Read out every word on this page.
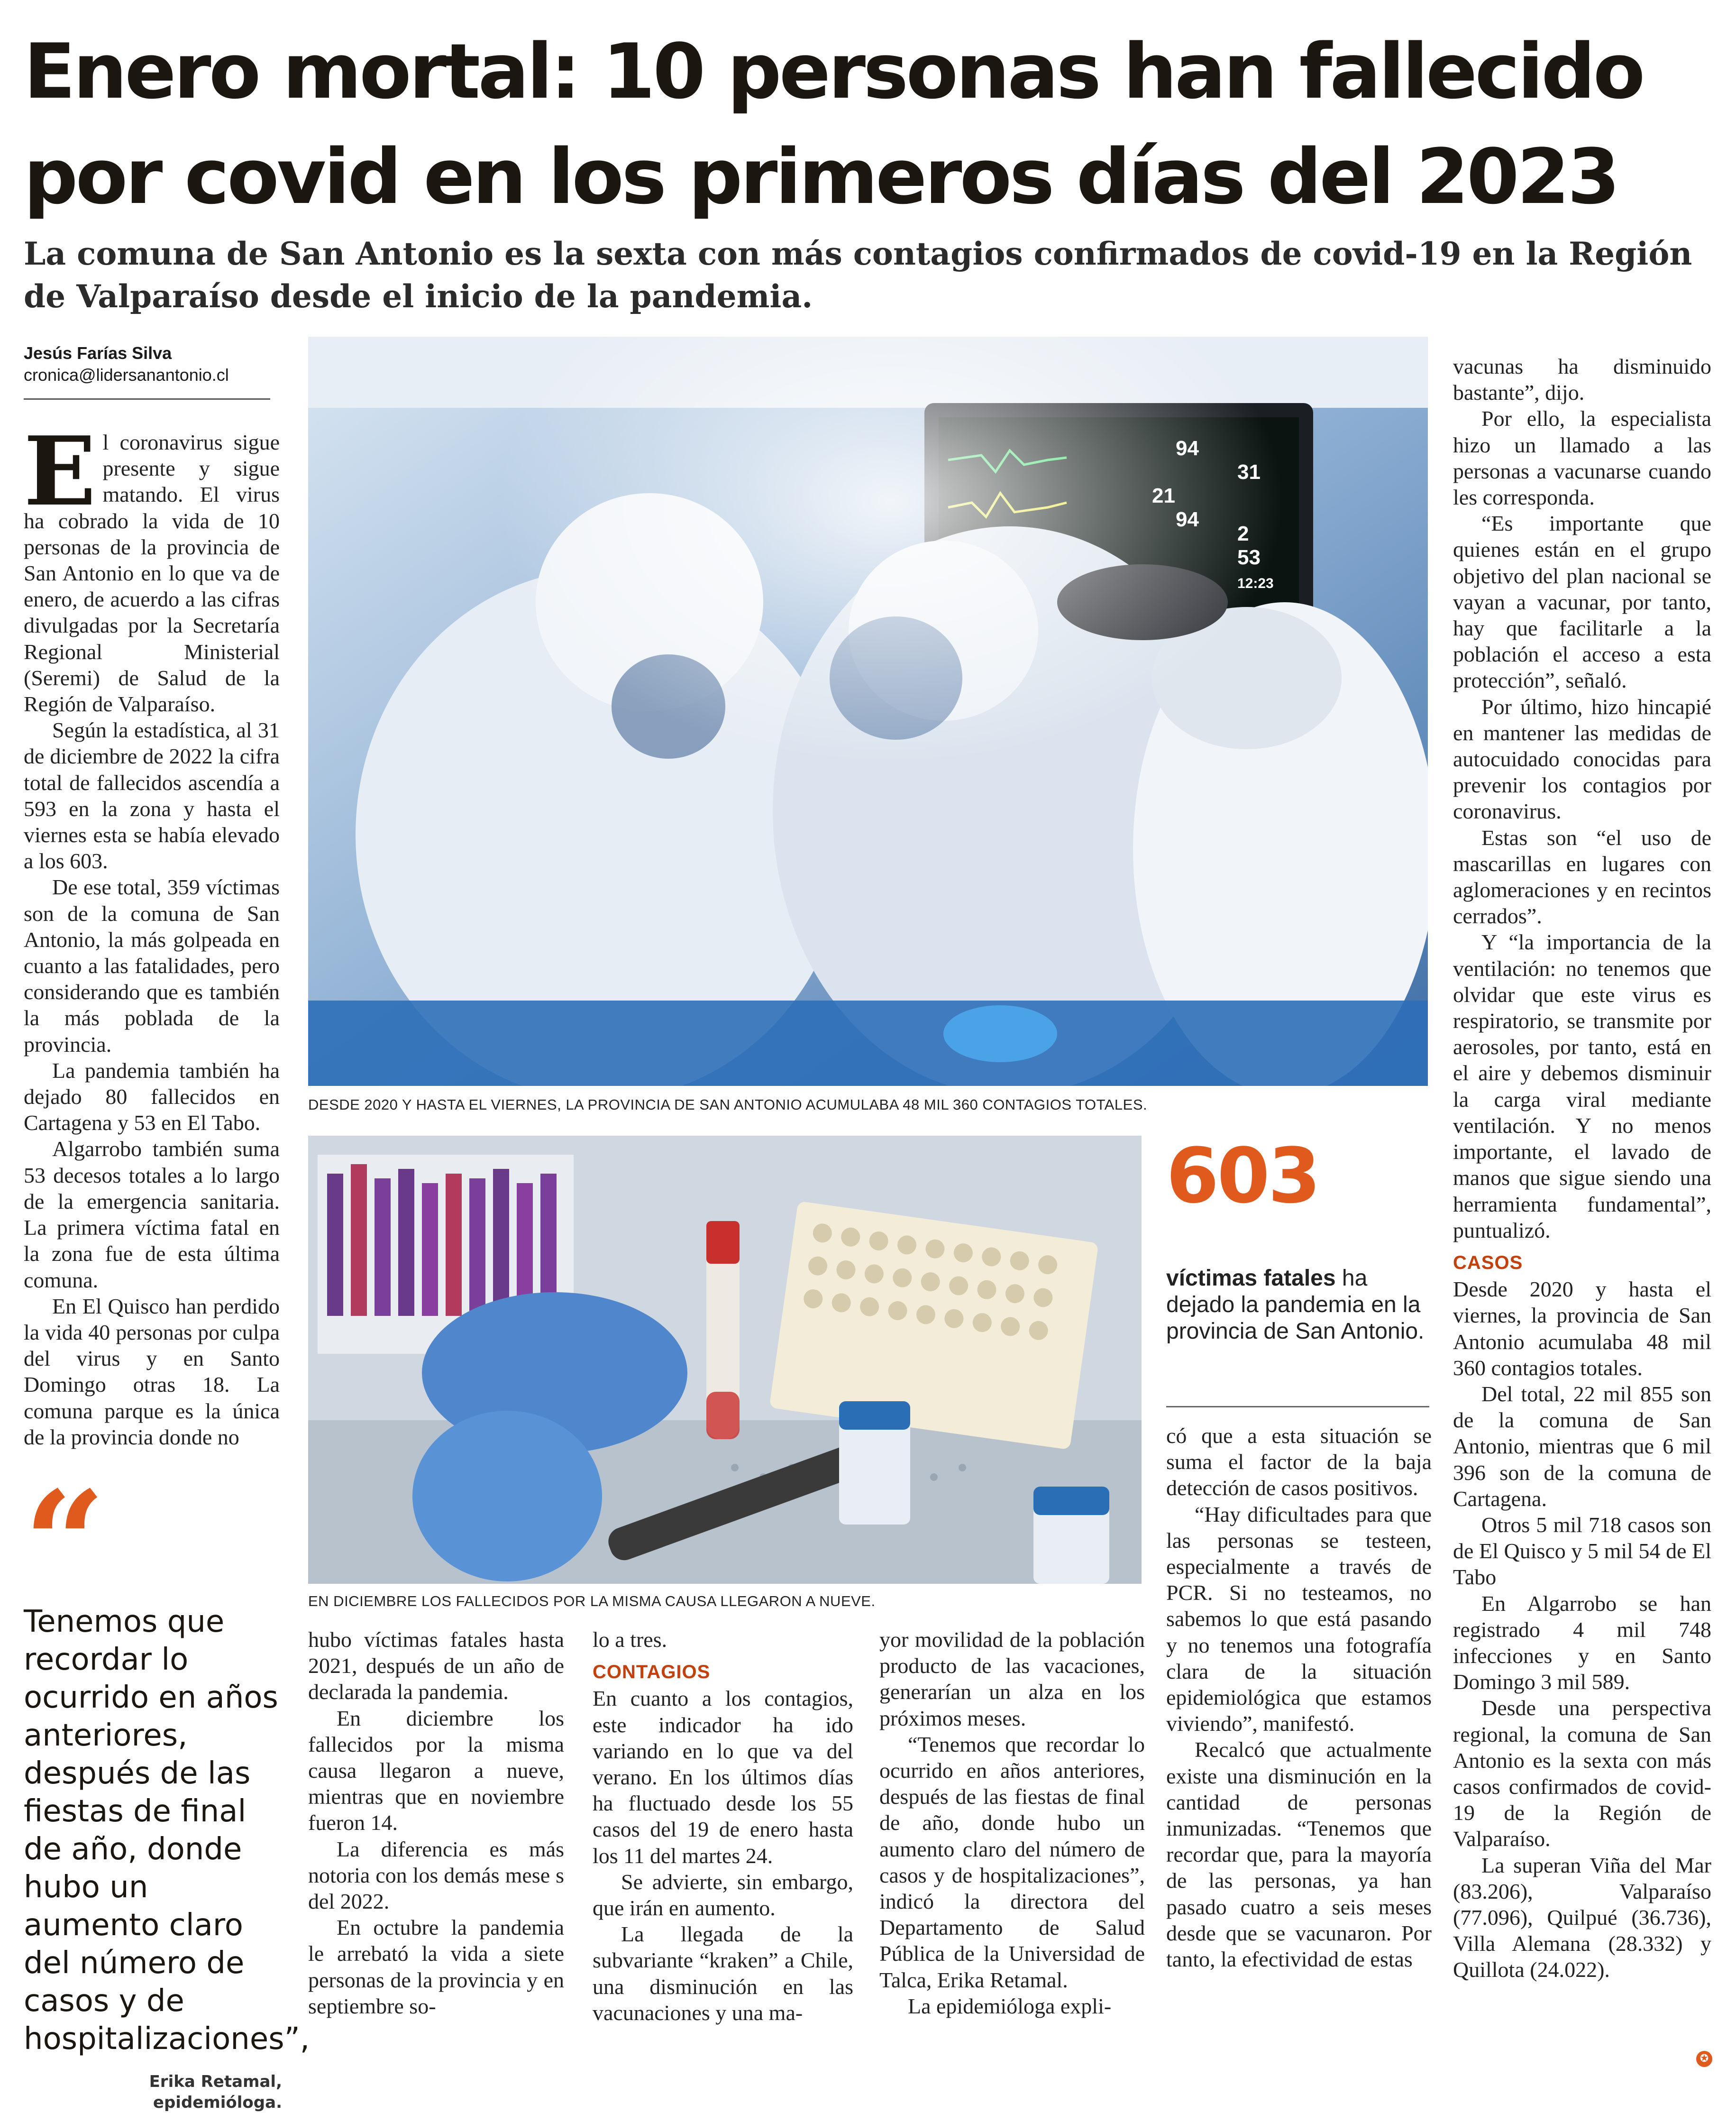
Enero mortal: 10 personas han fallecido por covid en los primeros días del 2023

La comuna de San Antonio es la sexta con más contagios confirmados de covid-19 en la Región de Valparaíso desde el inicio de la pandemia.

Jesús Farías Silva
cronica@lidersanantonio.cl

El coronavirus sigue presente y sigue matando. El virus ha cobrado la vida de 10 personas de la provincia de San Antonio en lo que va de enero, de acuerdo a las cifras divulgadas por la Secretaría Regional Ministerial (Seremi) de Salud de la Región de Valparaíso.

Según la estadística, al 31 de diciembre de 2022 la cifra total de fallecidos ascendía a 593 en la zona y hasta el viernes esta se había elevado a los 603.

De ese total, 359 víctimas son de la comuna de San Antonio, la más golpeada en cuanto a las fatalidades, pero considerando que es también la más poblada de la provincia.

La pandemia también ha dejado 80 fallecidos en Cartagena y 53 en El Tabo.

Algarrobo también suma 53 decesos totales a lo largo de la emergencia sanitaria. La primera víctima fatal en la zona fue de esta última comuna.

En El Quisco han perdido la vida 40 personas por culpa del virus y en Santo Domingo otras 18. La comuna parque es la única de la provincia donde no

“
Tenemos que recordar lo ocurrido en años anteriores, después de las fiestas de final de año, donde hubo un aumento claro del número de casos y de hospitalizaciones”,
Erika Retamal,
epidemióloga.
DESDE 2020 Y HASTA EL VIERNES, LA PROVINCIA DE SAN ANTONIO ACUMULABA 48 MIL 360 CONTAGIOS TOTALES.
EN DICIEMBRE LOS FALLECIDOS POR LA MISMA CAUSA LLEGARON A NUEVE.
603
víctimas fatales ha dejado la pandemia en la provincia de San Antonio.

hubo víctimas fatales hasta 2021, después de un año de declarada la pandemia.

En diciembre los fallecidos por la misma causa llegaron a nueve, mientras que en noviembre fueron 14.

La diferencia es más notoria con los demás mese s del 2022.

En octubre la pandemia le arrebató la vida a siete personas de la provincia y en septiembre so-

lo a tres.

CONTAGIOS

En cuanto a los contagios, este indicador ha ido variando en lo que va del verano. En los últimos días ha fluctuado desde los 55 casos del 19 de enero hasta los 11 del martes 24.

Se advierte, sin embargo, que irán en aumento.

La llegada de la subvariante “kraken” a Chile, una disminución en las vacunaciones y una ma-

yor movilidad de la población producto de las vacaciones, generarían un alza en los próximos meses.

“Tenemos que recordar lo ocurrido en años anteriores, después de las fiestas de final de año, donde hubo un aumento claro del número de casos y de hospitalizaciones”, indicó la directora del Departamento de Salud Pública de la Universidad de Talca, Erika Retamal.

La epidemióloga expli-

có que a esta situación se suma el factor de la baja detección de casos positivos.

“Hay dificultades para que las personas se testeen, especialmente a través de PCR. Si no testeamos, no sabemos lo que está pasando y no tenemos una fotografía clara de la situación epidemiológica que estamos viviendo”, manifestó.

Recalcó que actualmente existe una disminución en la cantidad de personas inmunizadas. “Tenemos que recordar que, para la mayoría de las personas, ya han pasado cuatro a seis meses desde que se vacunaron. Por tanto, la efectividad de estas

vacunas ha disminuido bastante”, dijo.

Por ello, la especialista hizo un llamado a las personas a vacunarse cuando les corresponda.

“Es importante que quienes están en el grupo objetivo del plan nacional se vayan a vacunar, por tanto, hay que facilitarle a la población el acceso a esta protección”, señaló.

Por último, hizo hincapié en mantener las medidas de autocuidado conocidas para prevenir los contagios por coronavirus.

Estas son “el uso de mascarillas en lugares con aglomeraciones y en recintos cerrados”.

Y “la importancia de la ventilación: no tenemos que olvidar que este virus es respiratorio, se transmite por aerosoles, por tanto, está en el aire y debemos disminuir la carga viral mediante ventilación. Y no menos importante, el lavado de manos que sigue siendo una herramienta fundamental”, puntualizó.

CASOS

Desde 2020 y hasta el viernes, la provincia de San Antonio acumulaba 48 mil 360 contagios totales.

Del total, 22 mil 855 son de la comuna de San Antonio, mientras que 6 mil 396 son de la comuna de Cartagena.

Otros 5 mil 718 casos son de El Quisco y 5 mil 54 de El Tabo

En Algarrobo se han registrado 4 mil 748 infecciones y en Santo Domingo 3 mil 589.

Desde una perspectiva regional, la comuna de San Antonio es la sexta con más casos confirmados de covid-19 de la Región de Valparaíso.

La superan Viña del Mar (83.206), Valparaíso (77.096), Quilpué (36.736), Villa Alemana (28.332) y Quillota (24.022).

✪
